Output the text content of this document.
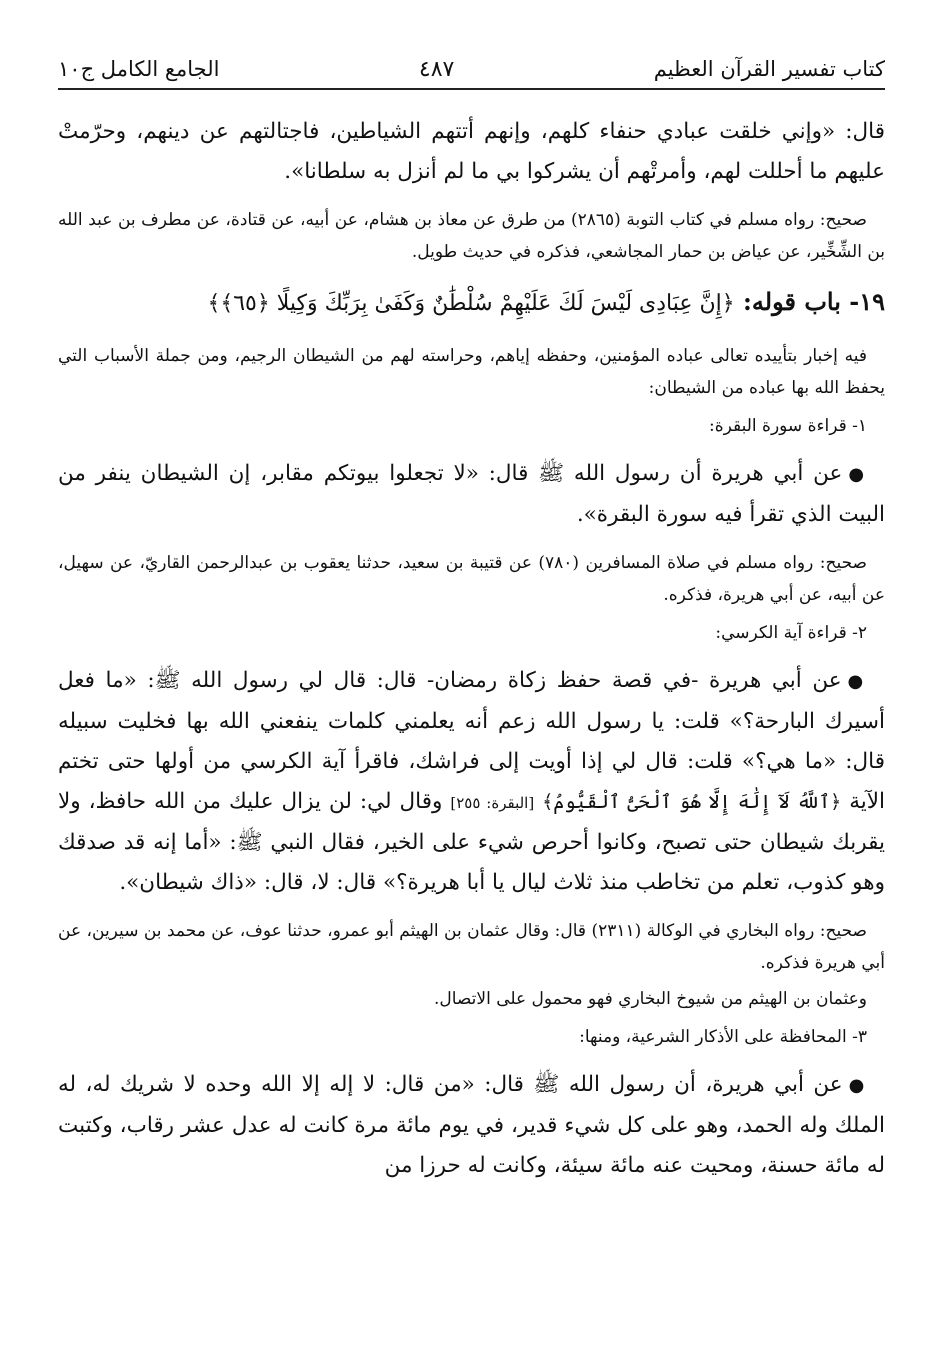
كتاب تفسير القرآن العظيم
٤٨٧
الجامع الكامل ج١٠

قال: «وإني خلقت عبادي حنفاء كلهم، وإنهم أتتهم الشياطين، فاجتالتهم عن دينهم، وحرّمتْ عليهم ما أحللت لهم، وأمرتْهم أن يشركوا بي ما لم أنزل به سلطانا».

صحيح: رواه مسلم في كتاب التوبة (٢٨٦٥) من طرق عن معاذ بن هشام، عن أبيه، عن قتادة، عن مطرف بن عبد الله بن الشِّخِّير، عن عياض بن حمار المجاشعي، فذكره في حديث طويل.

١٩- باب قوله: ﴿إِنَّ عِبَادِى لَيْسَ لَكَ عَلَيْهِمْ سُلْطَٰنٌ وَكَفَىٰ بِرَبِّكَ وَكِيلًا ﴿٦٥﴾﴾

فيه إخبار بتأييده تعالى عباده المؤمنين، وحفظه إياهم، وحراسته لهم من الشيطان الرجيم، ومن جملة الأسباب التي يحفظ الله بها عباده من الشيطان:

١- قراءة سورة البقرة:

●عن أبي هريرة أن رسول الله ﷺ قال: «لا تجعلوا بيوتكم مقابر، إن الشيطان ينفر من البيت الذي تقرأ فيه سورة البقرة».

صحيح: رواه مسلم في صلاة المسافرين (٧٨٠) عن قتيبة بن سعيد، حدثنا يعقوب بن عبدالرحمن القاريّ، عن سهيل، عن أبيه، عن أبي هريرة، فذكره.

٢- قراءة آية الكرسي:

●عن أبي هريرة -في قصة حفظ زكاة رمضان- قال: قال لي رسول الله ﷺ: «ما فعل أسيرك البارحة؟» قلت: يا رسول الله زعم أنه يعلمني كلمات ينفعني الله بها فخليت سبيله قال: «ما هي؟» قلت: قال لي إذا أويت إلى فراشك، فاقرأ آية الكرسي من أولها حتى تختم الآية ﴿ٱللَّهُ لَآ إِلَٰهَ إِلَّا هُوَ ٱلْحَىُّ ٱلْقَيُّومُ﴾ [البقرة: ٢٥٥] وقال لي: لن يزال عليك من الله حافظ، ولا يقربك شيطان حتى تصبح، وكانوا أحرص شيء على الخير، فقال النبي ﷺ: «أما إنه قد صدقك وهو كذوب، تعلم من تخاطب منذ ثلاث ليال يا أبا هريرة؟» قال: لا، قال: «ذاك شيطان».

صحيح: رواه البخاري في الوكالة (٢٣١١) قال: وقال عثمان بن الهيثم أبو عمرو، حدثنا عوف، عن محمد بن سيرين، عن أبي هريرة فذكره.

وعثمان بن الهيثم من شيوخ البخاري فهو محمول على الاتصال.

٣- المحافظة على الأذكار الشرعية، ومنها:

●عن أبي هريرة، أن رسول الله ﷺ قال: «من قال: لا إله إلا الله وحده لا شريك له، له الملك وله الحمد، وهو على كل شيء قدير، في يوم مائة مرة كانت له عدل عشر رقاب، وكتبت له مائة حسنة، ومحيت عنه مائة سيئة، وكانت له حرزا من
